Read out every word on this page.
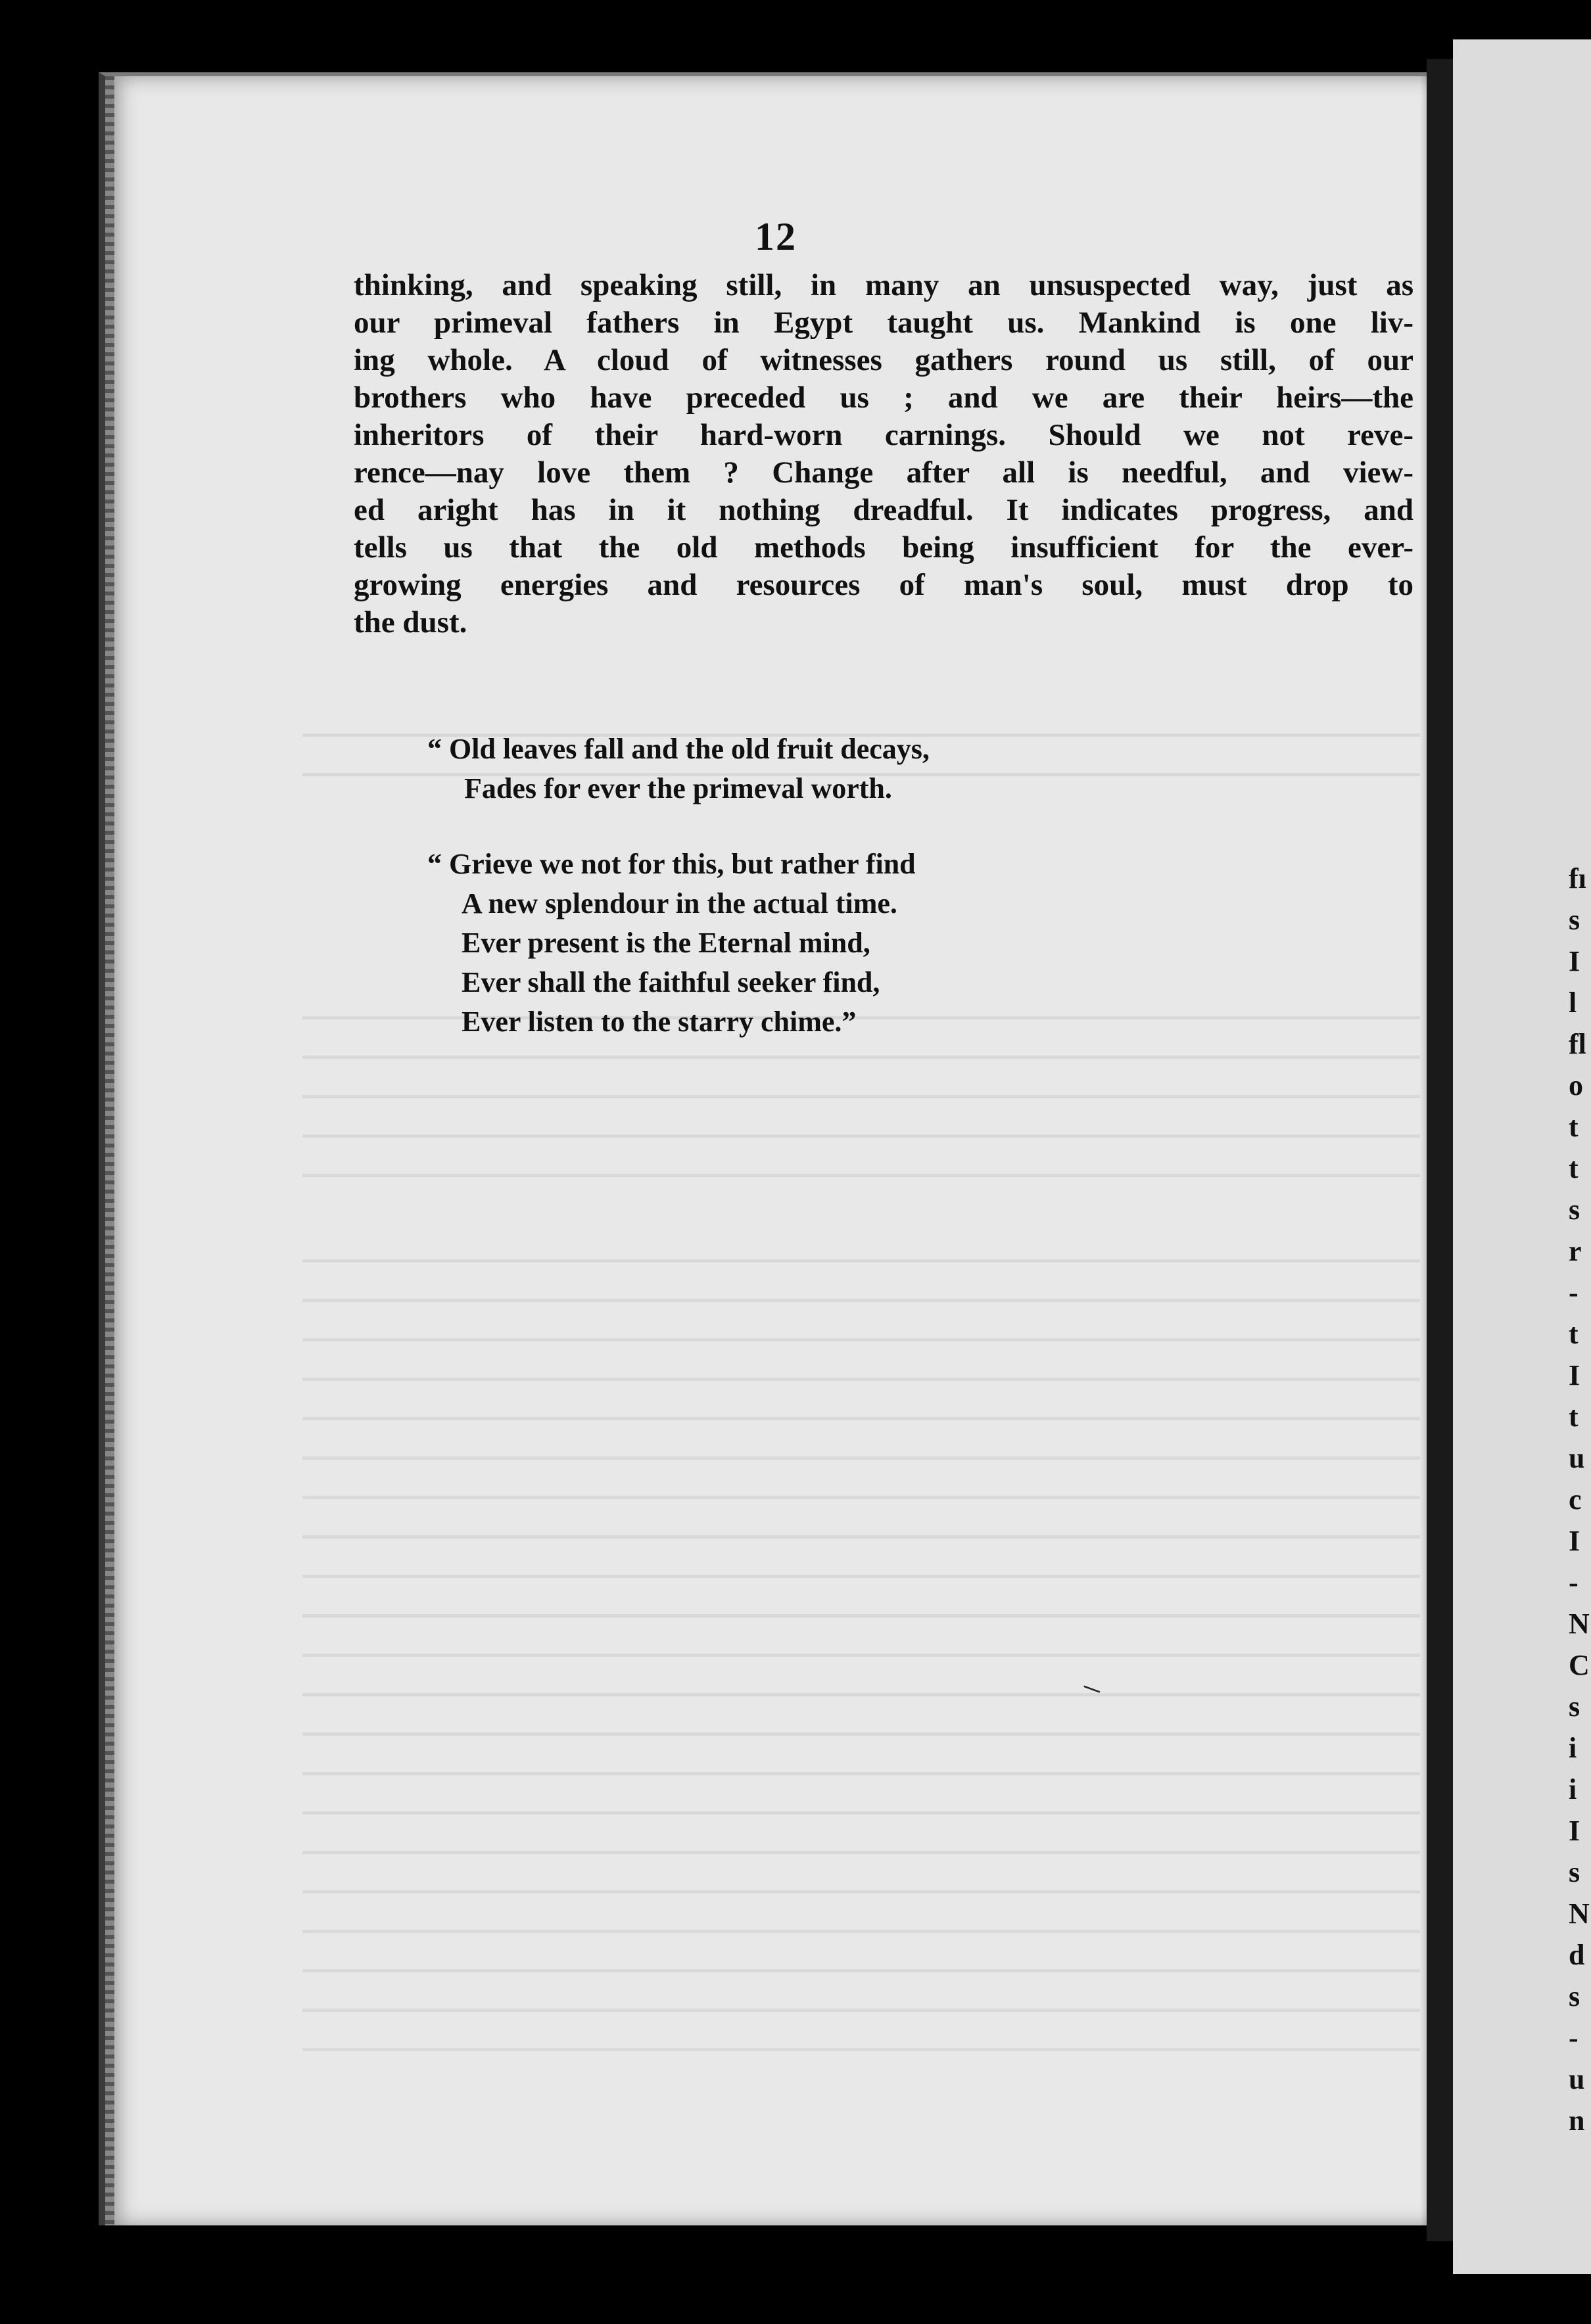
12
thinking, and speaking still, in many an unsuspected way, just as
our primeval fathers in Egypt taught us. Mankind is one liv-
ing whole. A cloud of witnesses gathers round us still, of our
brothers who have preceded us ; and we are their heirs—the
inheritors of their hard-worn carnings. Should we not reve-
rence—nay love them ? Change after all is needful, and view-
ed aright has in it nothing dreadful. It indicates progress, and
tells us that the old methods being insufficient for the ever-
growing energies and resources of man's soul, must drop to
the dust.
“ Old leaves fall and the old fruit decays,
Fades for ever the primeval worth.
“ Grieve we not for this, but rather find
A new splendour in the actual time.
Ever present is the Eternal mind,
Ever shall the faithful seeker find,
Ever listen to the starry chime.”
‒
fı
s
I
l
fl
o
t
t
s
r
-
t
I
t
u
c
I
-
N
C
s
i
i
I
s
N
d
s
-
u
n
